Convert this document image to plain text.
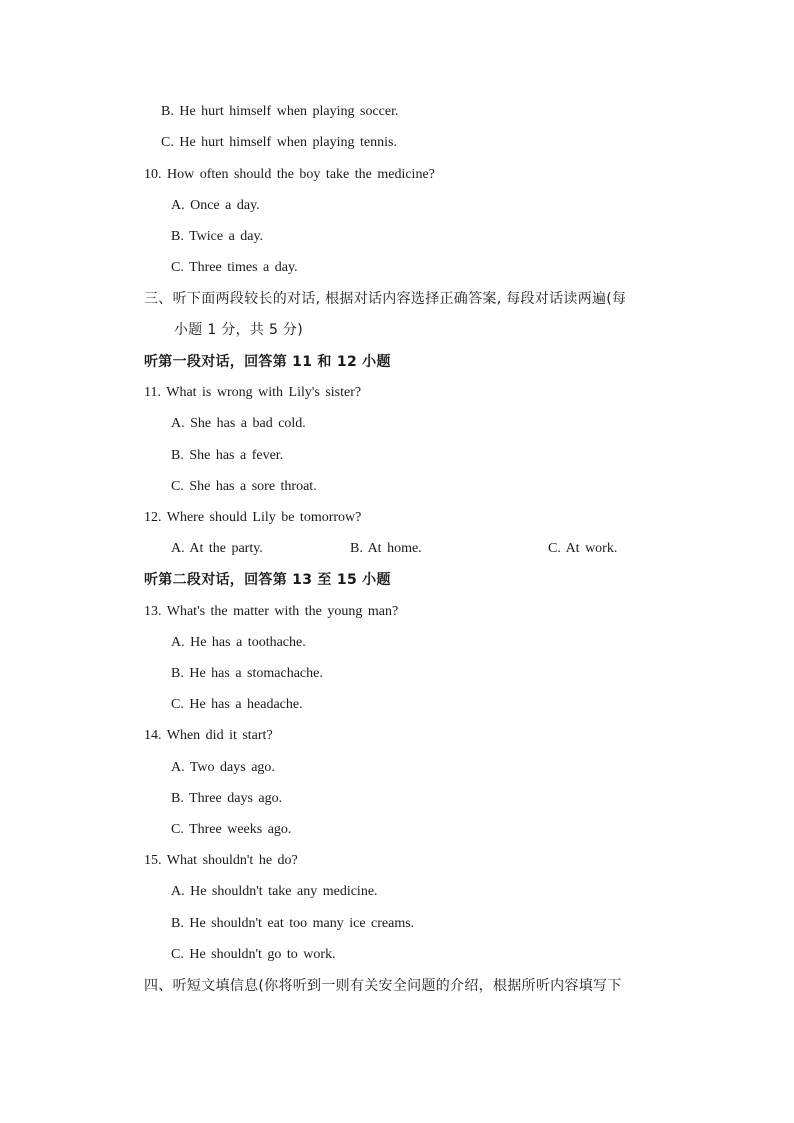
B. He hurt himself when playing soccer.
C. He hurt himself when playing tennis.
10. How often should the boy take the medicine?
A. Once a day.
B. Twice a day.
C. Three times a day.
三、听下面两段较长的对话, 根据对话内容选择正确答案, 每段对话读两遍(每
小题 1 分，共 5 分)
听第一段对话，回答第 11 和 12 小题
11. What is wrong with Lily's sister?
A. She has a bad cold.
B. She has a fever.
C. She has a sore throat.
12. Where should Lily be tomorrow?
A. At the party.	B. At home.	C. At work.
听第二段对话，回答第 13 至 15 小题
13. What's the matter with the young man?
A. He has a toothache.
B. He has a stomachache.
C. He has a headache.
14. When did it start?
A. Two days ago.
B. Three days ago.
C. Three weeks ago.
15. What shouldn't he do?
A. He shouldn't take any medicine.
B. He shouldn't eat too many ice creams.
C. He shouldn't go to work.
四、听短文填信息(你将听到一则有关安全问题的介绍，根据所听内容填写下
